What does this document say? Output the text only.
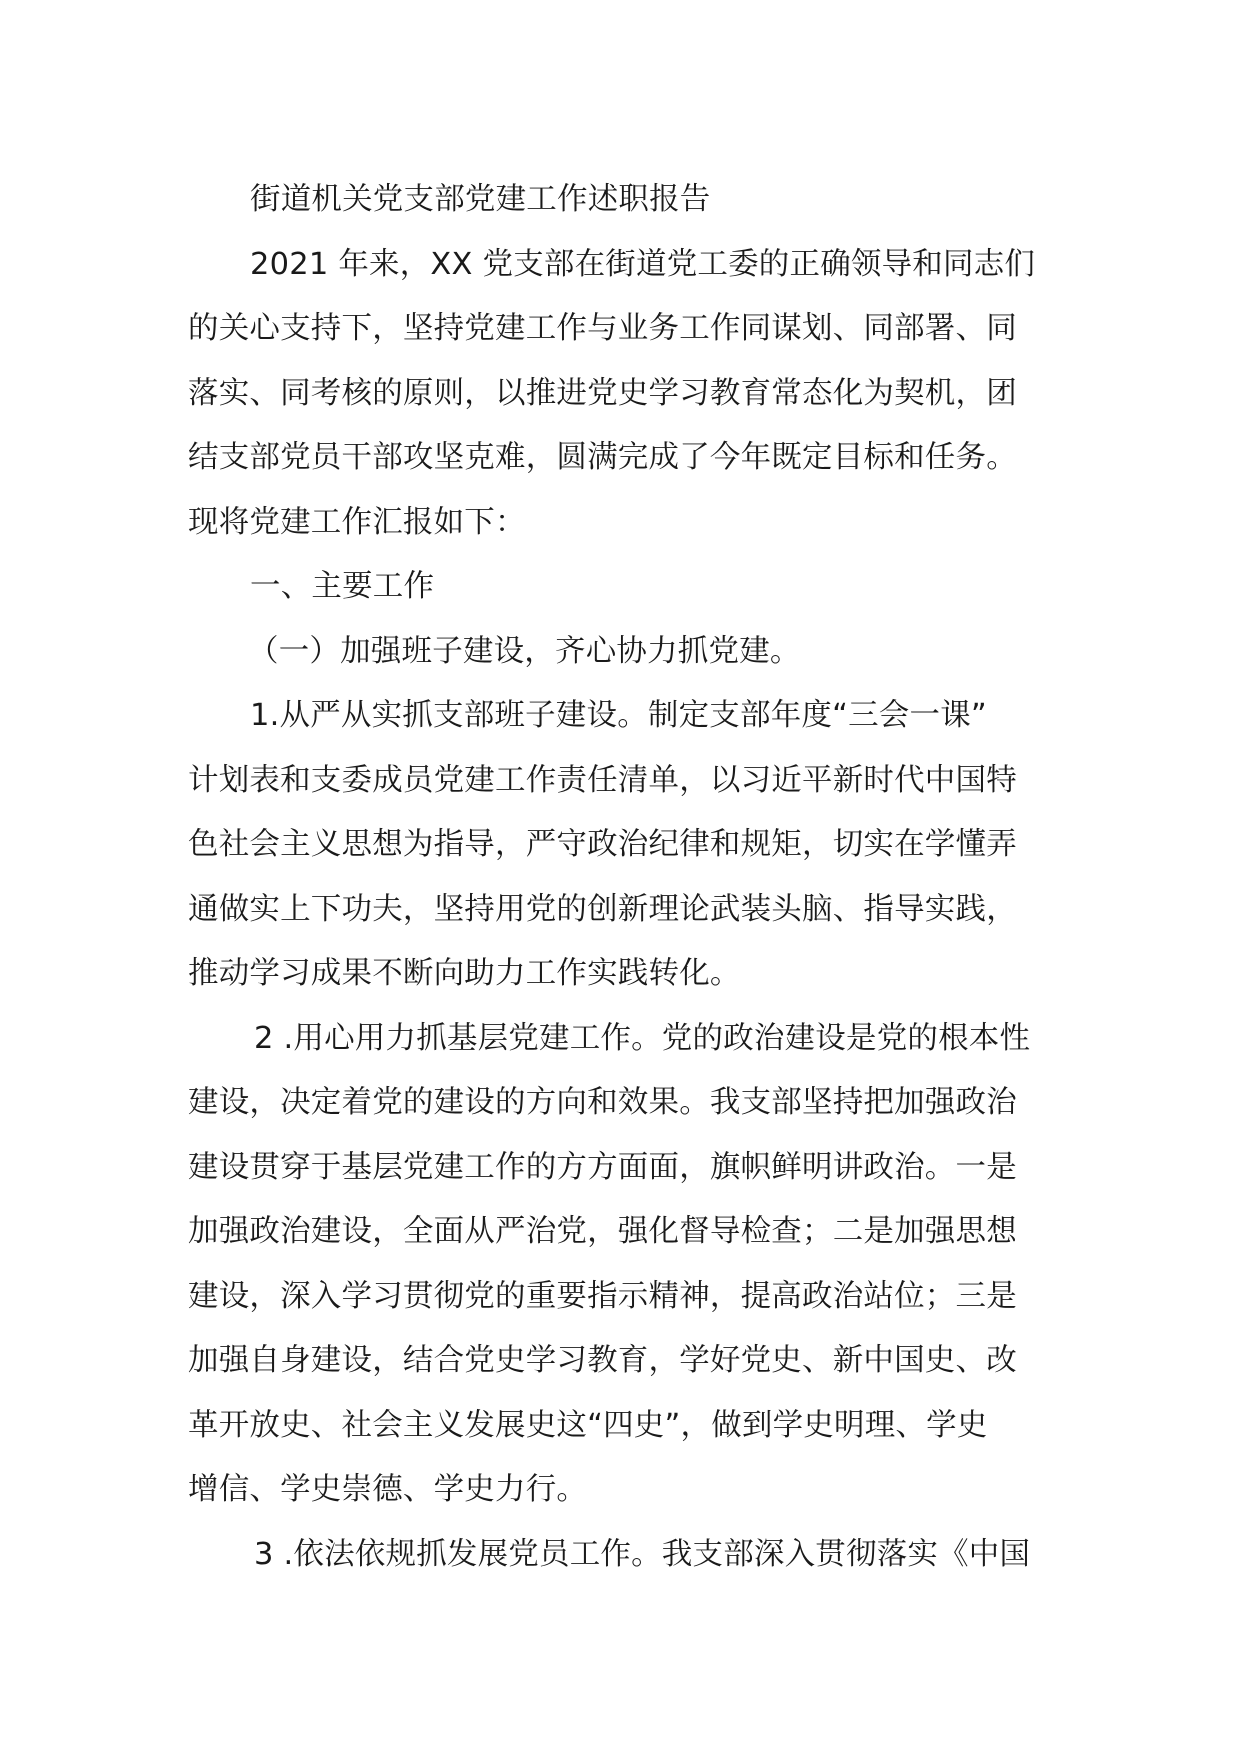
街道机关党支部党建工作述职报告
2021 年来，XX 党支部在街道党工委的正确领导和同志们
的关心支持下，坚持党建工作与业务工作同谋划、同部署、同
落实、同考核的原则，以推进党史学习教育常态化为契机，团
结支部党员干部攻坚克难，圆满完成了今年既定目标和任务。
现将党建工作汇报如下：
一、主要工作
（一）加强班子建设，齐心协力抓党建。
1.从严从实抓支部班子建设。制定支部年度“三会一课”
计划表和支委成员党建工作责任清单，以习近平新时代中国特
色社会主义思想为指导，严守政治纪律和规矩，切实在学懂弄
通做实上下功夫，坚持用党的创新理论武装头脑、指导实践，
推动学习成果不断向助力工作实践转化。
2 .用心用力抓基层党建工作。党的政治建设是党的根本性
建设，决定着党的建设的方向和效果。我支部坚持把加强政治
建设贯穿于基层党建工作的方方面面，旗帜鲜明讲政治。一是
加强政治建设，全面从严治党，强化督导检查；二是加强思想
建设，深入学习贯彻党的重要指示精神，提高政治站位；三是
加强自身建设，结合党史学习教育，学好党史、新中国史、改
革开放史、社会主义发展史这“四史”，做到学史明理、学史
增信、学史崇德、学史力行。
3 .依法依规抓发展党员工作。我支部深入贯彻落实《中国
